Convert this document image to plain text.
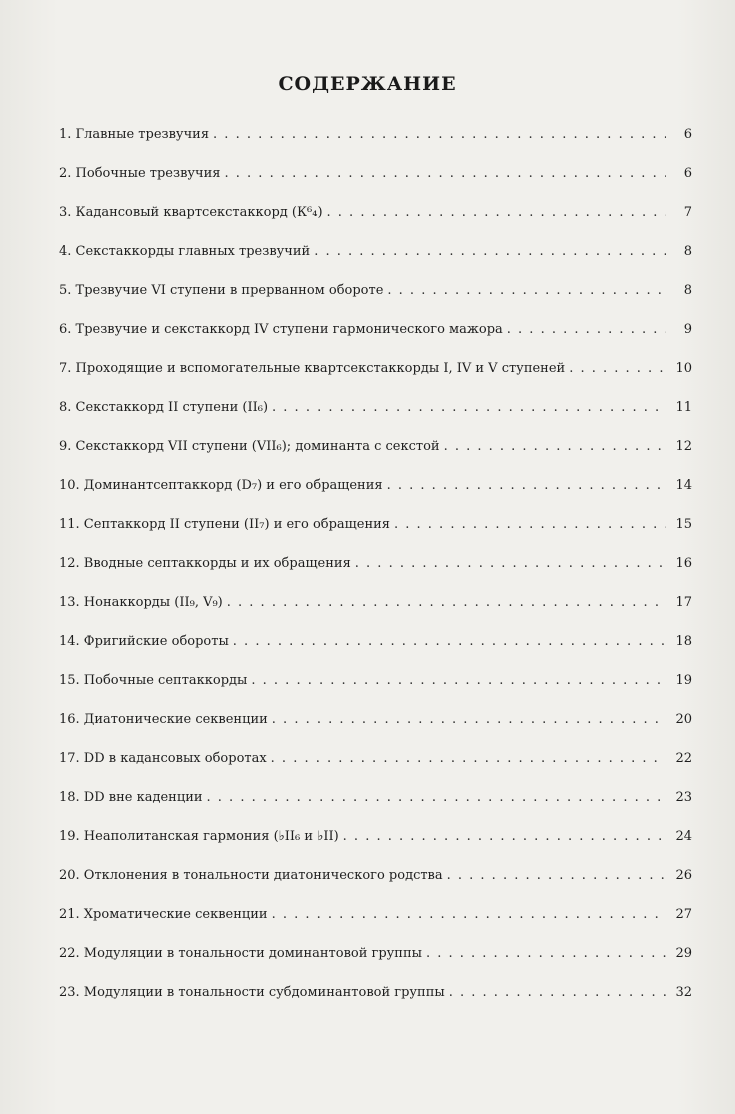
СОДЕРЖАНИЕ
1. Главные трезвучия . . .	6
2. Побочные трезвучия . . .	6
3. Кадансовый квартсекстаккорд (К⁶₄) . . .	7
4. Секстаккорды главных трезвучий . . .	8
5. Трезвучие VI ступени в прерванном обороте . . .	8
6. Трезвучие и секстаккорд IV ступени гармонического мажора . . .	9
7. Проходящие и вспомогательные квартсекстаккорды I, IV и V ступеней . . .	10
8. Секстаккорд II ступени (II₆) . . .	11
9. Секстаккорд VII ступени (VII₆); доминанта с секстой . . .	12
10. Доминантсептаккорд (D₇) и его обращения . . .	14
11. Септаккорд II ступени (II₇) и его обращения . . .	15
12. Вводные септаккорды и их обращения . . .	16
13. Нонаккорды (II₉, V₉) . . .	17
14. Фригийские обороты . . .	18
15. Побочные септаккорды . . .	19
16. Диатонические секвенции . . .	20
17. DD в кадансовых оборотах . . .	22
18. DD вне каденции . . .	23
19. Неаполитанская гармония (♭II₆ и ♭II) . . .	24
20. Отклонения в тональности диатонического родства . . .	26
21. Хроматические секвенции . . .	27
22. Модуляции в тональности доминантовой группы . . .	29
23. Модуляции в тональности субдоминантовой группы . . .	32
